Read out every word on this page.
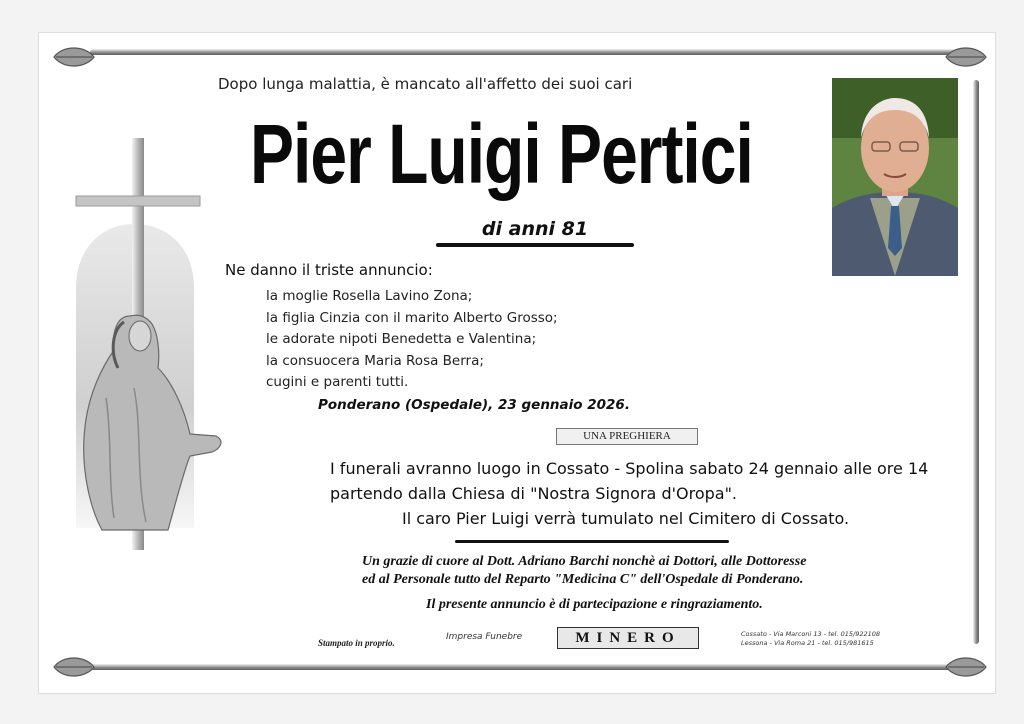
Dopo lunga malattia, è mancato all'affetto dei suoi cari
Pier Luigi Pertici
di anni 81
Ne danno il triste annuncio:
la moglie Rosella Lavino Zona;
la figlia Cinzia con il marito Alberto Grosso;
le adorate nipoti Benedetta e Valentina;
la consuocera Maria Rosa Berra;
cugini e parenti tutti.
Ponderano (Ospedale), 23 gennaio 2026.
UNA PREGHIERA
I funerali avranno luogo in Cossato - Spolina sabato 24 gennaio alle ore 14
partendo dalla Chiesa di "Nostra Signora d'Oropa".
Il caro Pier Luigi verrà tumulato nel Cimitero di Cossato.
Un grazie di cuore al Dott. Adriano Barchi nonchè ai Dottori, alle Dottoresse
ed al Personale tutto del Reparto "Medicina C" dell'Ospedale di Ponderano.
Il presente annuncio è di partecipazione e ringraziamento.
Stampato in proprio.
Impresa Funebre	MINERO	Cossato - Via Marconi 13 - tel. 015/922108
Lessona - Via Roma 21 - tel. 015/981615
